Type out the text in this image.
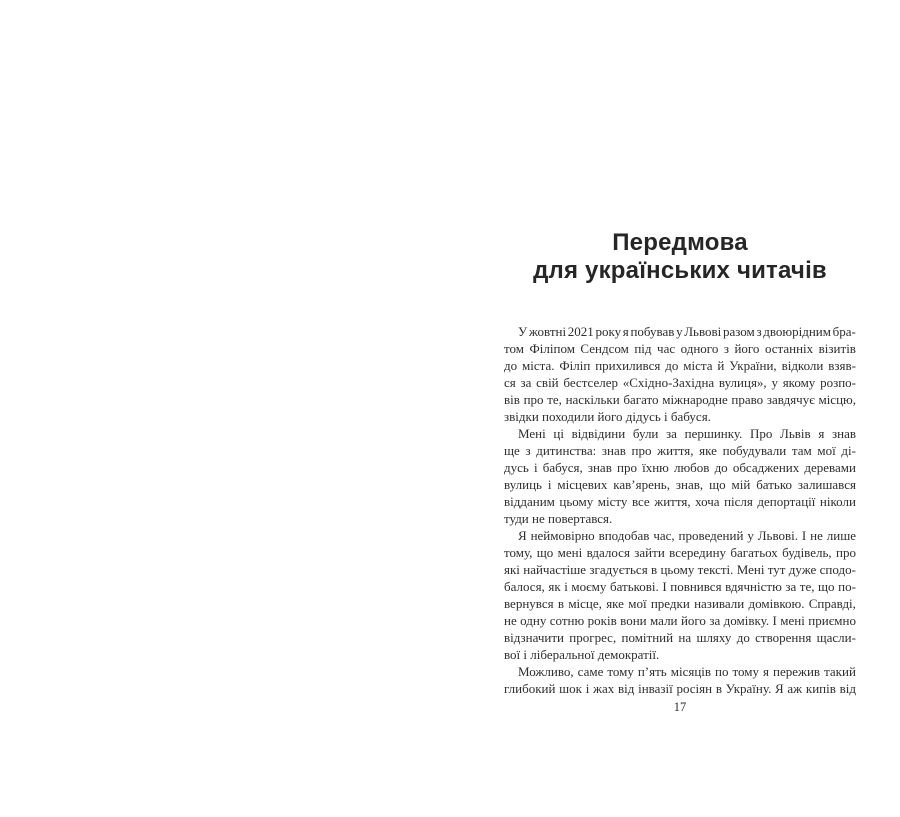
Передмова
для українських читачів
У жовтні 2021 року я побував у Львові разом з двоюрідним бра-
том Філіпом Сендсом під час одного з його останніх візитів
до міста. Філіп прихилився до міста й України, відколи взяв-
ся за свій бестселер «Східно-Західна вулиця», у якому розпо-
вів про те, наскільки багато міжнародне право завдячує місцю,
звідки походили його дідусь і бабуся.
Мені ці відвідини були за першинку. Про Львів я знав
ще з дитинства: знав про життя, яке побудували там мої ді-
дусь і бабуся, знав про їхню любов до обсаджених деревами
вулиць і місцевих кав’ярень, знав, що мій батько залишався
відданим цьому місту все життя, хоча після депортації ніколи
туди не повертався.
Я неймовірно вподобав час, проведений у Львові. І не лише
тому, що мені вдалося зайти всередину багатьох будівель, про
які найчастіше згадується в цьому тексті. Мені тут дуже сподо-
балося, як і моєму батькові. І повнився вдячністю за те, що по-
вернувся в місце, яке мої предки називали домівкою. Справді,
не одну сотню років вони мали його за домівку. І мені приємно
відзначити прогрес, помітний на шляху до створення щасли-
вої і ліберальної демократії.
Можливо, саме тому п’ять місяців по тому я пережив такий
глибокий шок і жах від інвазії росіян в Україну. Я аж кипів від
17
